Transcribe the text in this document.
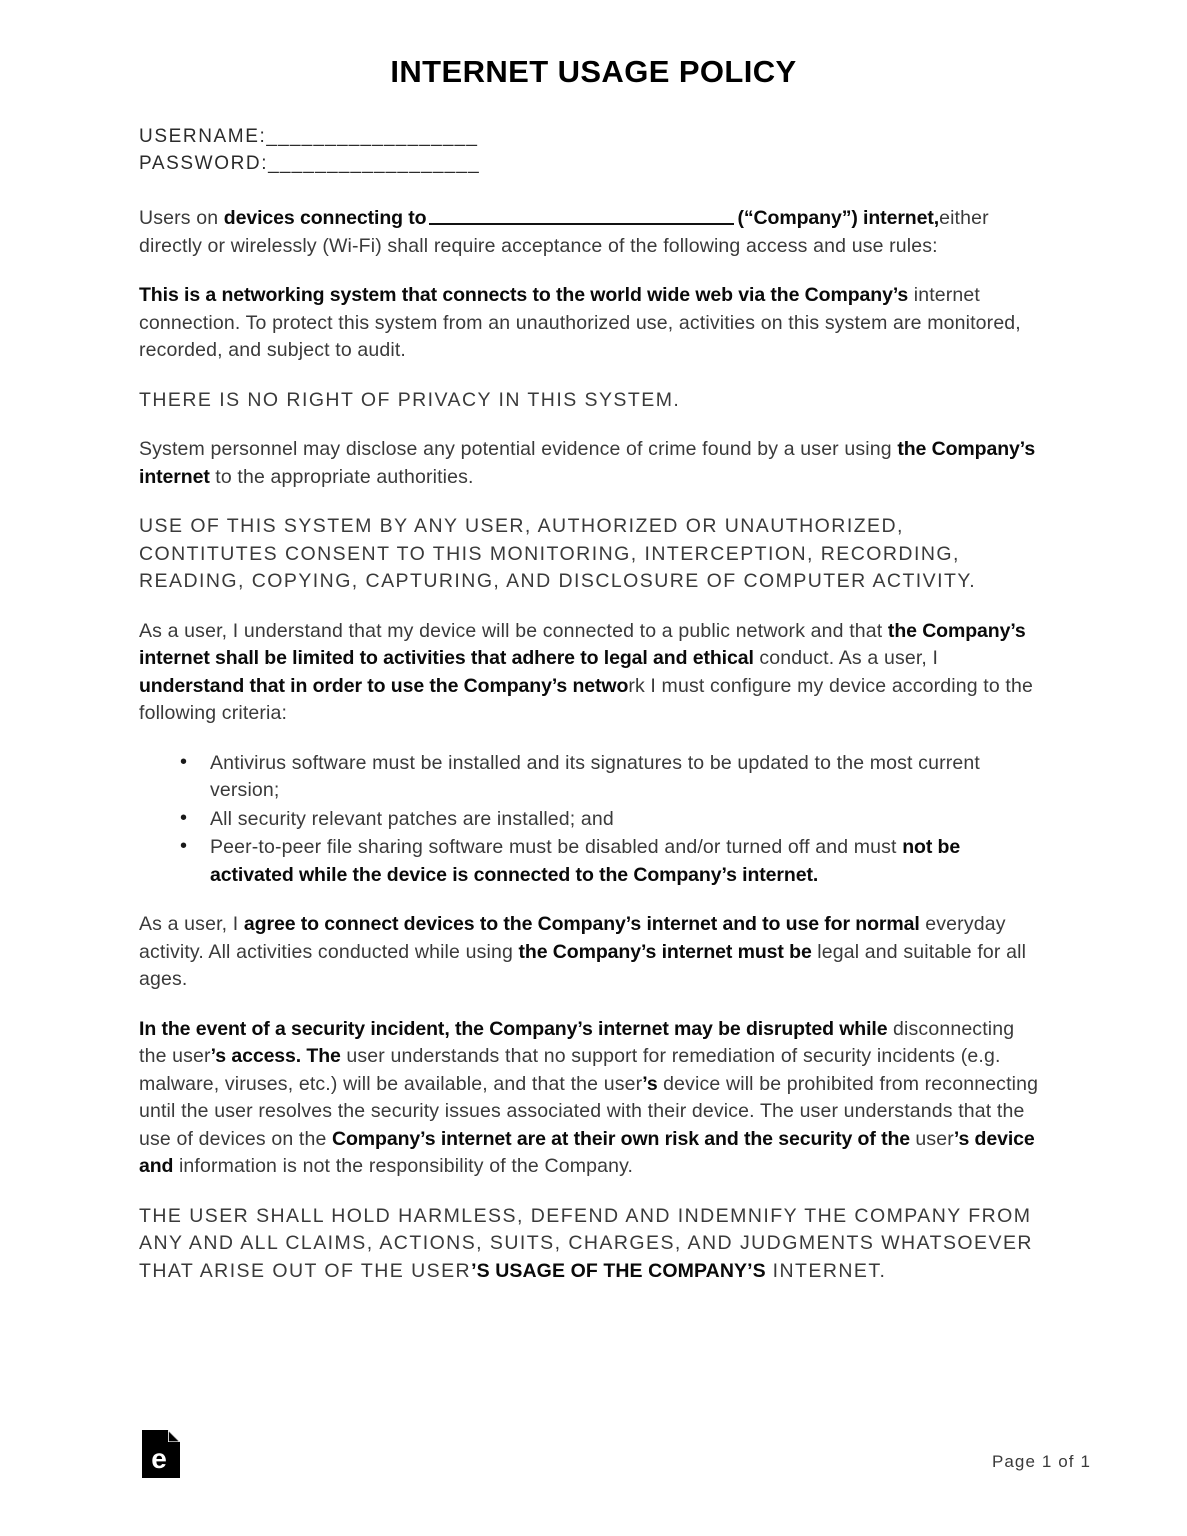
INTERNET USAGE POLICY
USERNAME:__________________
PASSWORD:__________________

Users on devices connecting to	(“Company”) internet,either directly or wirelessly (Wi-Fi) shall require acceptance of the following access and use rules:

This is a networking system that connects to the world wide web via the Company’s internet connection. To protect this system from an unauthorized use, activities on this system are monitored, recorded, and subject to audit.

THERE IS NO RIGHT OF PRIVACY IN THIS SYSTEM.

System personnel may disclose any potential evidence of crime found by a user using the Company’s internet to the appropriate authorities.

USE OF THIS SYSTEM BY ANY USER, AUTHORIZED OR UNAUTHORIZED, CONTITUTES CONSENT TO THIS MONITORING, INTERCEPTION, RECORDING, READING, COPYING, CAPTURING, AND DISCLOSURE OF COMPUTER ACTIVITY.

As a user, I understand that my device will be connected to a public network and that the Company’s internet shall be limited to activities that adhere to legal and ethical conduct. As a user, I understand that in order to use the Company’s network I must configure my device according to the following criteria:

• Antivirus software must be installed and its signatures to be updated to the most current version;
• All security relevant patches are installed; and
• Peer-to-peer file sharing software must be disabled and/or turned off and must not be activated while the device is connected to the Company’s internet.

As a user, I agree to connect devices to the Company’s internet and to use for normal everyday activity. All activities conducted while using the Company’s internet must be legal and suitable for all ages.

In the event of a security incident, the Company’s internet may be disrupted while disconnecting the user’s access. The user understands that no support for remediation of security incidents (e.g. malware, viruses, etc.) will be available, and that the user’s device will be prohibited from reconnecting until the user resolves the security issues associated with their device. The user understands that the use of devices on the Company’s internet are at their own risk and the security of the user’s device and information is not the responsibility of the Company.

THE USER SHALL HOLD HARMLESS, DEFEND AND INDEMNIFY THE COMPANY FROM ANY AND ALL CLAIMS, ACTIONS, SUITS, CHARGES, AND JUDGMENTS WHATSOEVER THAT ARISE OUT OF THE USER’S USAGE OF THE COMPANY’S INTERNET.

e	Page 1 of 1
